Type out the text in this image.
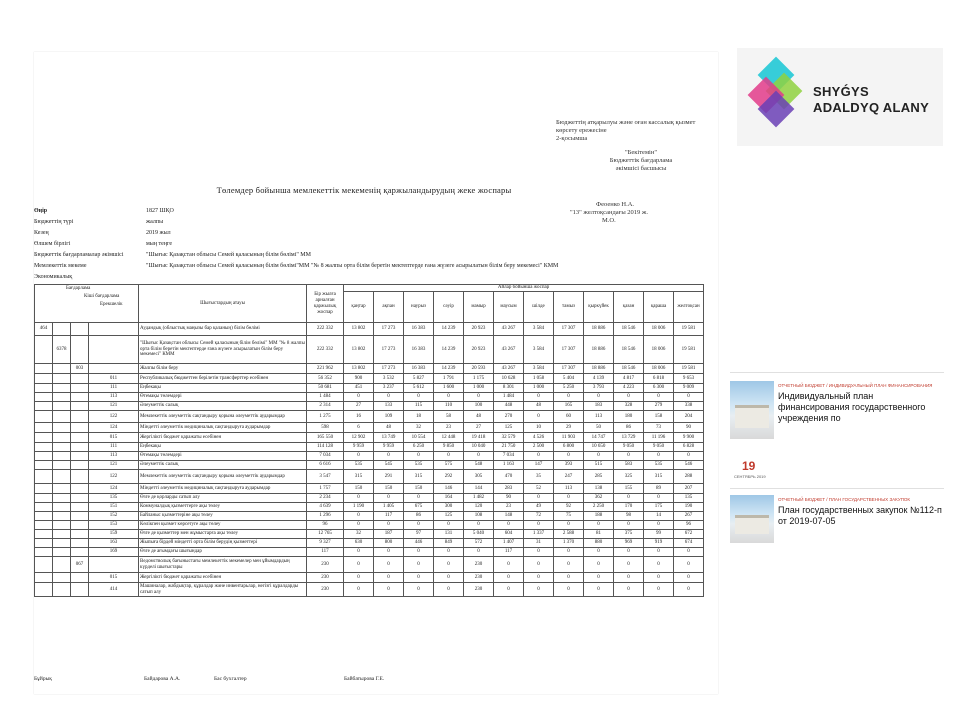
Бюджеттің атқарылуы және оған кассалық қызмет
көрсету ережесіне
2-қосымша
"Бекітемін"
Бюджеттік бағдарлама
әкімшісі басшысы
Феоенко Н.А.
"13" желтоқсандағы 2019 ж.
М.О.
Төлемдер бойынша мемлекеттік мекеменің қаржыландырудың жеке жоспары
Өңір	1827 ШҚО
Бюджеттің түрі	жалпы
Кезең	2019 жыл
Өлшем бірлігі	мың теңге
Бюджеттік бағдарламалар әкімшісі	"Шығыс Қазақстан облысы Семей қаласының білім бөлімі" ММ
Мемлекеттік мекеме	"Шығыс Қазақстан облысы Семей қаласының білім бөлімі"ММ "№ 8 жалпы орта білім беретін мектептерде ғана жүзеге асырылатын білім беру мекемесі" КММ
Экономикалық
Бағдарлама
Кіші бағдарлама
Ерекшелік				Шығыстардың атауы	Бір жылға арналған қаржылық жоспар	Айлар бойынша жоспар											
						қаңтар	ақпан	наурыз	сәуір	мамыр	маусым	шілде	тамыз	қыркүйек	қазан	қараша	желтоқсан
464				Аудандық (облыстық маңызы бар қаланың) білім бөлімі	222 332	13 802	17 273	16 383	14 239	20 923	43 267	3 584	17 307	18 886	18 546	18 006	19 581
	6378			"Шығыс Қазақстан облысы Семей қаласының білім бөлімі" ММ "№ 8 жалпы орта білім беретін мектептерде ғана жүзеге асырылатын білім беру мекемесі" КММ	222 332	13 802	17 273	16 383	14 239	20 923	43 267	3 584	17 307	18 886	18 546	18 006	19 581
		003		Жалпы білім беру	221 962	13 802	17 273	16 383	14 239	20 593	43 267	3 584	17 307	18 886	18 546	18 006	19 581
			011	Республикалық бюджеттен берілетін трансферттер есебінен	56 352	900	3 532	5 827	1 791	1 175	10 628	1 058	5 404	4 139	4 817	6 818	9 653
			111	Еңбекақы	50 681	451	3 237	5 612	1 600	1 000	8 301	1 000	5 250	3 793	4 223	6 300	9 009
			113	Өтемақы төлемдері	1 484	0	0	0	0	0	1 484	0	0	0	0	0	0
			121	Әлеуметтік салық	2 314	27	133	115	110	100	448	48	165	183	328	279	338
			122	Мемлекеттік әлеуметтік сақтандыру қорына әлеуметтік аударымдар	1 275	16	109	18	58	48	270	0	60	113	180	158	204
			124	Міндетті әлеуметтік медициналық сақтандыруға аударымдар	598	6	48	32	23	27	125	10	29	50	86	73	90
			015	Жергілікті бюджет қаражаты есебінен	165 550	12 902	13 749	10 554	12 448	19 418	32 579	4 526	11 903	14 747	13 729	11 196	9 900
			111	Еңбекақы	114 128	9 959	9 959	6 250	9 850	10 040	21 750	2 500	6 800	10 650	9 050	9 050	6 828
			113	Өтемақы төлемдері	7 034	0	0	0	0	0	7 034	0	0	0	0	0	0
			121	Әлеуметтік салық	6 616	535	545	535	575	548	1 163	147	393	515	583	535	546
			122	Мемлекеттік әлеуметтік сақтандыру қорына әлеуметтік аударымдар	3 547	315	291	315	292	305	470	35	247	285	325	315	288
			124	Міндетті әлеуметтік медициналық сақтандыруға аударымдар	1 757	150	150	150	146	144	283	52	113	138	155	89	207
			135	Өзге де қорларды сатып алу	2 234	0	0	0	164	1 482	90	0	0	362	0	0	135
			151	Коммуналдық қызметтерге ақы төлеу	4 639	1 190	1 405	675	300	120	23	49	92	2 250	170	175	190
			152	Байланыс қызметтеріне ақы төлеу	1 296	0	117	86	125	108	148	72	75	188	98	14	267
			153	Көлікпен қызмет көрсетуге ақы төлеу	96	0	0	0	0	0	0	0	0	0	0	0	96
			159	Өзге де қызметтер мен жұмыстарға ақы төлеу	12 765	32	187	97	131	5 040	604	1 337	2 588	81	375	99	672
			163	Жыпыға бірдей міндетті орта білім берудің қызметтері	9 327	630	800	446	849	572	1 407	31	1 370	880	969	919	674
			169	Өзге де ағымдағы шығындар	117	0	0	0	0	0	117	0	0	0	0	0	0
		067		Ведомстволық бағыныстағы мемлекеттік мекемелер мен ұйымдардың күрделі шығыстары	230	0	0	0	0	230	0	0	0	0	0	0	0
			015	Жергілікті бюджет қаражаты есебінен	230	0	0	0	0	230	0	0	0	0	0	0	0
			414	Машиналар, жабдықтар, құралдар және инвентарьлар, негізгі құралдарды сатып алу	230	0	0	0	0	230	0	0	0	0	0	0	0
Бұйрық	Байдарова А.А.	Бас бухгалтер	Байбатырова Г.Е.
SHYǴYS
ADALDYQ ALANY
ОТЧЕТНЫЙ БЮДЖЕТ / ИНДИВИДУАЛЬНЫЙ ПЛАН ФИНАНСИРОВАНИЯ
Индивидуальный план финансирования государственного учреждения по
19
СЕНТЯБРЬ 2019
ОТЧЕТНЫЙ БЮДЖЕТ / ПЛАН ГОСУДАРСТВЕННЫХ ЗАКУПОК
План государственных закупок №112-п от 2019-07-05
